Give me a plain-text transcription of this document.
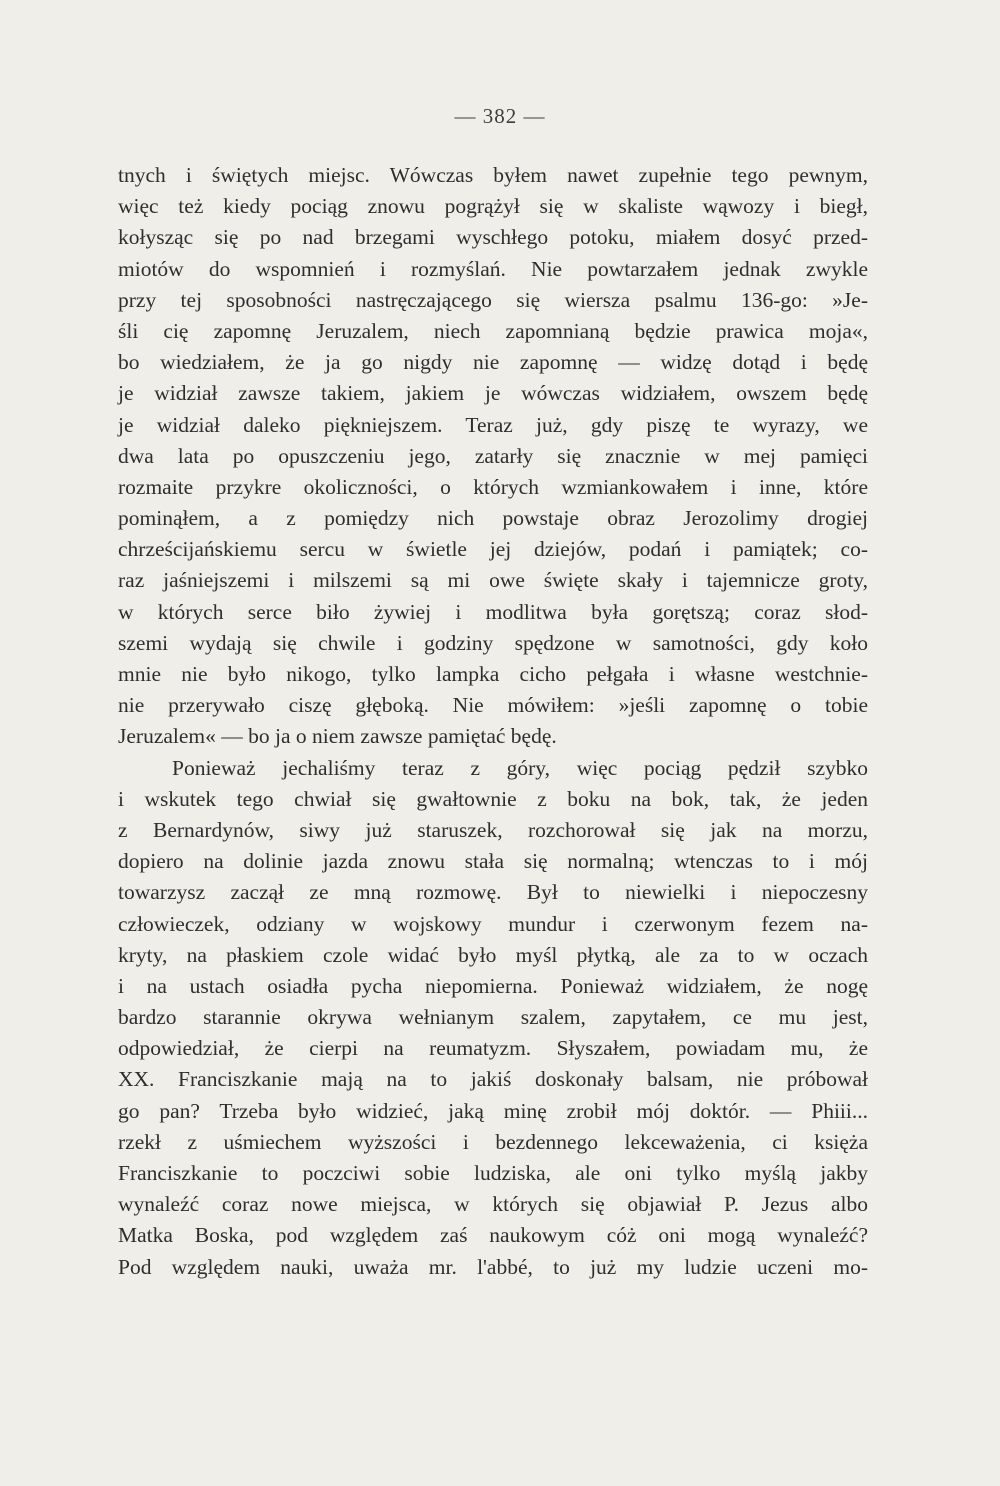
— 382 —
tnych i świętych miejsc. Wówczas byłem nawet zupełnie tego pewnym,
więc też kiedy pociąg znowu pogrążył się w skaliste wąwozy i biegł,
kołysząc się po nad brzegami wyschłego potoku, miałem dosyć przed-
miotów do wspomnień i rozmyślań. Nie powtarzałem jednak zwykle
przy tej sposobności nastręczającego się wiersza psalmu 136-go: »Je-
śli cię zapomnę Jeruzalem, niech zapomnianą będzie prawica moja«,
bo wiedziałem, że ja go nigdy nie zapomnę — widzę dotąd i będę
je widział zawsze takiem, jakiem je wówczas widziałem, owszem będę
je widział daleko piękniejszem. Teraz już, gdy piszę te wyrazy, we
dwa lata po opuszczeniu jego, zatarły się znacznie w mej pamięci
rozmaite przykre okoliczności, o których wzmiankowałem i inne, które
pominąłem, a z pomiędzy nich powstaje obraz Jerozolimy drogiej
chrześcijańskiemu sercu w świetle jej dziejów, podań i pamiątek; co-
raz jaśniejszemi i milszemi są mi owe święte skały i tajemnicze groty,
w których serce biło żywiej i modlitwa była gorętszą; coraz słod-
szemi wydają się chwile i godziny spędzone w samotności, gdy koło
mnie nie było nikogo, tylko lampka cicho pełgała i własne westchnie-
nie przerywało ciszę głęboką. Nie mówiłem: »jeśli zapomnę o tobie
Jeruzalem« — bo ja o niem zawsze pamiętać będę.
Ponieważ jechaliśmy teraz z góry, więc pociąg pędził szybko
i wskutek tego chwiał się gwałtownie z boku na bok, tak, że jeden
z Bernardynów, siwy już staruszek, rozchorował się jak na morzu,
dopiero na dolinie jazda znowu stała się normalną; wtenczas to i mój
towarzysz zaczął ze mną rozmowę. Był to niewielki i niepoczesny
człowieczek, odziany w wojskowy mundur i czerwonym fezem na-
kryty, na płaskiem czole widać było myśl płytką, ale za to w oczach
i na ustach osiadła pycha niepomierna. Ponieważ widziałem, że nogę
bardzo starannie okrywa wełnianym szalem, zapytałem, ce mu jest,
odpowiedział, że cierpi na reumatyzm. Słyszałem, powiadam mu, że
XX. Franciszkanie mają na to jakiś doskonały balsam, nie próbował
go pan? Trzeba było widzieć, jaką minę zrobił mój doktór. — Phiii...
rzekł z uśmiechem wyższości i bezdennego lekceważenia, ci księża
Franciszkanie to poczciwi sobie ludziska, ale oni tylko myślą jakby
wynaleźć coraz nowe miejsca, w których się objawiał P. Jezus albo
Matka Boska, pod względem zaś naukowym cóż oni mogą wynaleźć?
Pod względem nauki, uważa mr. l'abbé, to już my ludzie uczeni mo-
